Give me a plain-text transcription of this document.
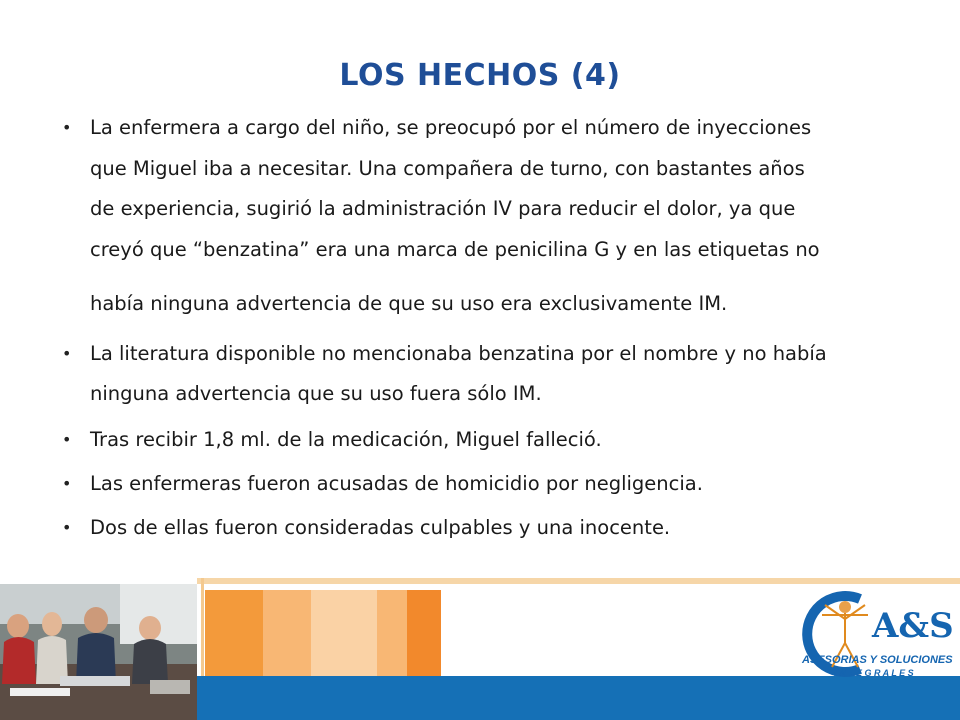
LOS HECHOS (4)
• La enfermera a cargo del niño, se preocupó por el número de inyecciones
que Miguel iba a necesitar. Una compañera de turno, con bastantes años
de experiencia, sugirió la administración IV para reducir el dolor, ya que
creyó que “benzatina” era una marca de penicilina G y en las etiquetas no
había ninguna advertencia de que su uso era exclusivamente IM.
• La literatura disponible no mencionaba benzatina por el nombre y no había
ninguna advertencia que su uso fuera sólo IM.
• Tras recibir 1,8 ml. de la medicación, Miguel falleció.
• Las enfermeras fueron acusadas de homicidio por negligencia.
• Dos de ellas fueron consideradas culpables y una inocente.
A&S
ASESORIAS Y SOLUCIONES
I N T E G R A L E S
